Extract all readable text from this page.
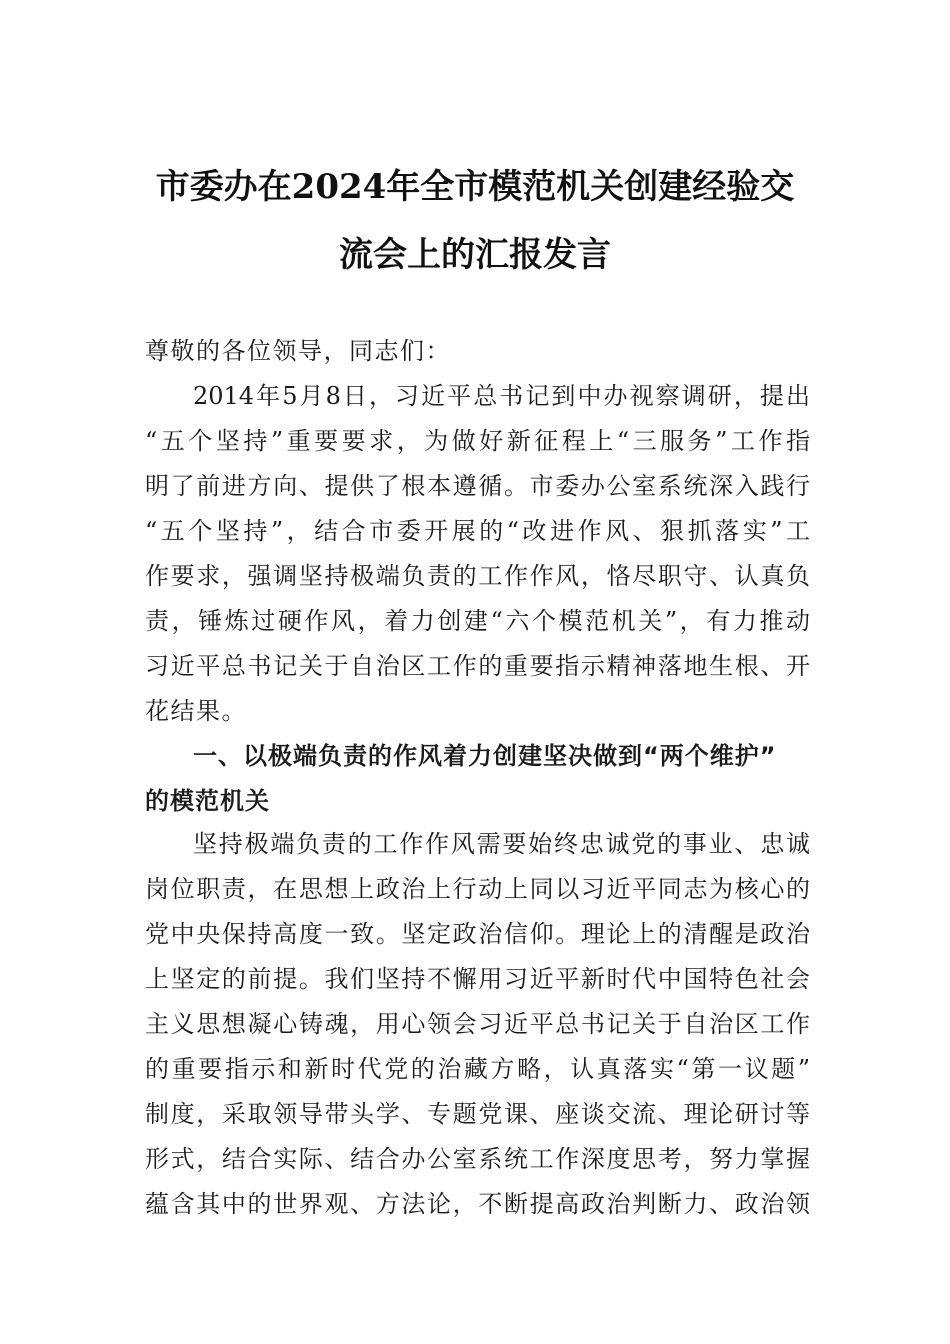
市委办在2024年全市模范机关创建经验交
流会上的汇报发言

尊敬的各位领导，同志们：

2014年5月8日，习近平总书记到中办视察调研，提出

“五个坚持”重要要求，为做好新征程上“三服务”工作指

明了前进方向、提供了根本遵循。市委办公室系统深入践行

“五个坚持”，结合市委开展的“改进作风、狠抓落实”工

作要求，强调坚持极端负责的工作作风，恪尽职守、认真负

责，锤炼过硬作风，着力创建“六个模范机关”，有力推动

习近平总书记关于自治区工作的重要指示精神落地生根、开

花结果。

一、以极端负责的作风着力创建坚决做到“两个维护”

的模范机关

坚持极端负责的工作作风需要始终忠诚党的事业、忠诚

岗位职责，在思想上政治上行动上同以习近平同志为核心的

党中央保持高度一致。坚定政治信仰。理论上的清醒是政治

上坚定的前提。我们坚持不懈用习近平新时代中国特色社会

主义思想凝心铸魂，用心领会习近平总书记关于自治区工作

的重要指示和新时代党的治藏方略，认真落实“第一议题”

制度，采取领导带头学、专题党课、座谈交流、理论研讨等

形式，结合实际、结合办公室系统工作深度思考，努力掌握

蕴含其中的世界观、方法论，不断提高政治判断力、政治领
